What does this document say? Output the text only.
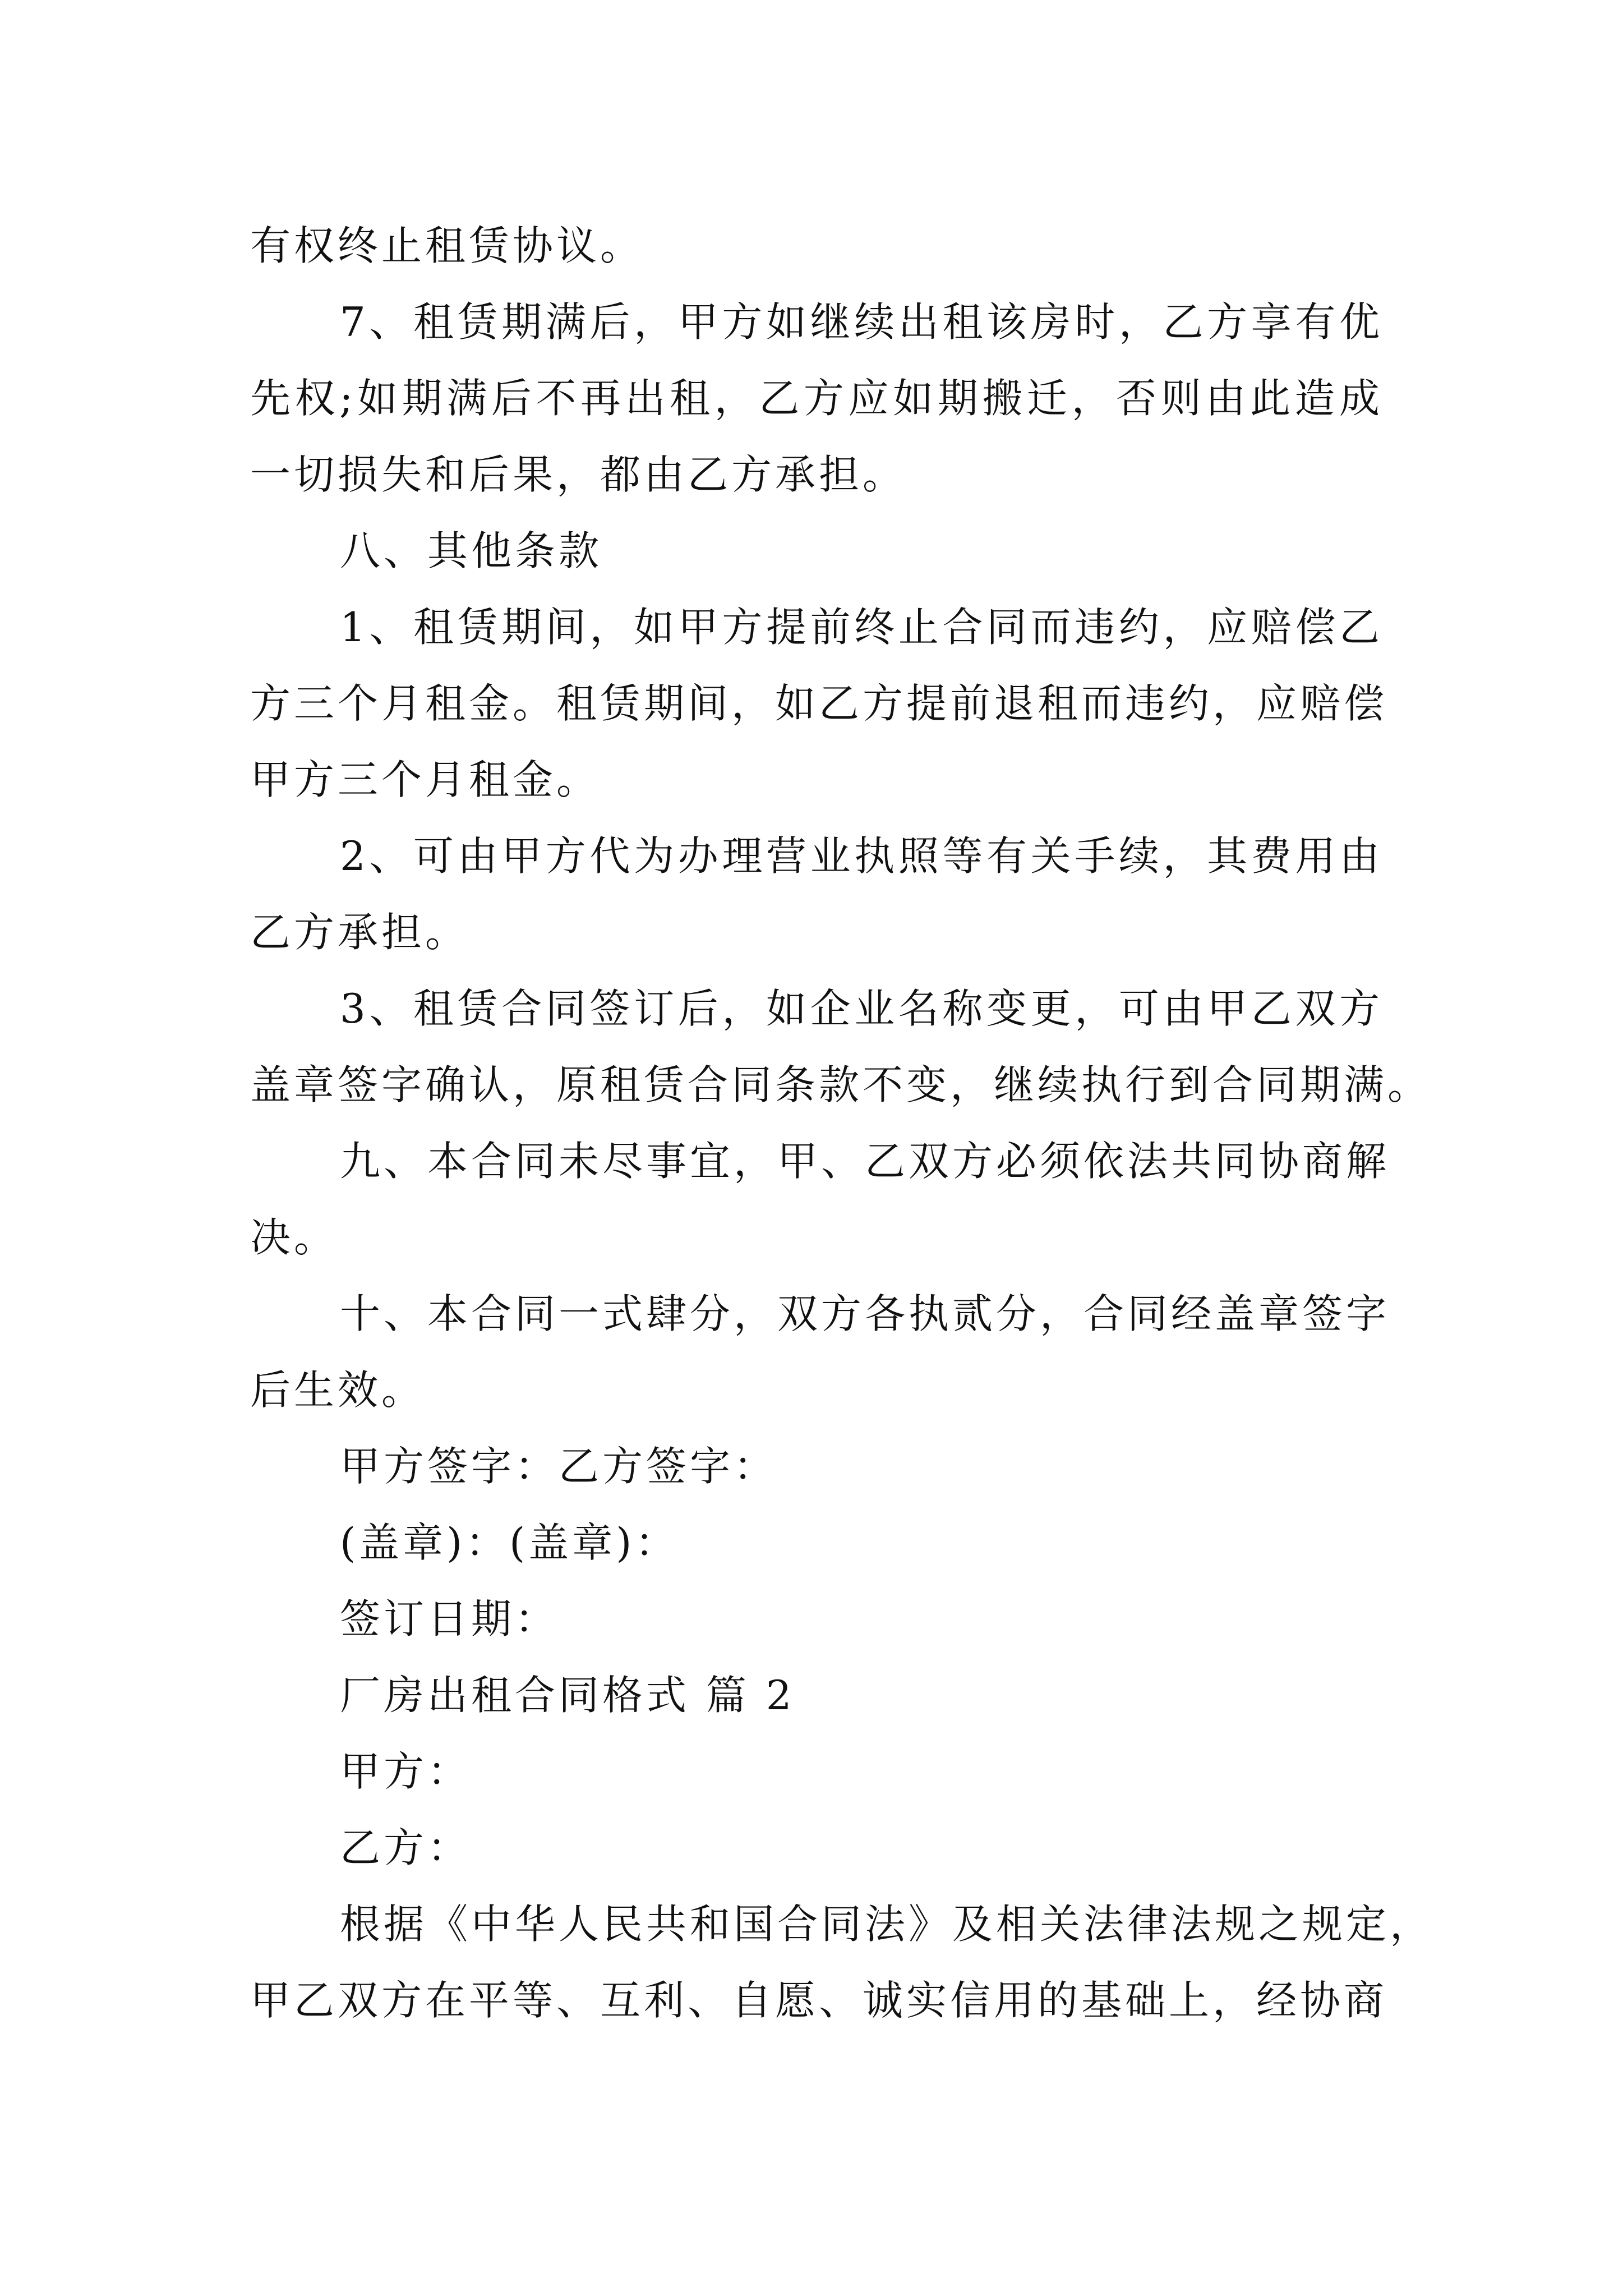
有权终止租赁协议。
7、租赁期满后，甲方如继续出租该房时，乙方享有优
先权;如期满后不再出租，乙方应如期搬迁，否则由此造成
一切损失和后果，都由乙方承担。
八、其他条款
1、租赁期间，如甲方提前终止合同而违约，应赔偿乙
方三个月租金。租赁期间，如乙方提前退租而违约，应赔偿
甲方三个月租金。
2、可由甲方代为办理营业执照等有关手续，其费用由
乙方承担。
3、租赁合同签订后，如企业名称变更，可由甲乙双方
盖章签字确认，原租赁合同条款不变，继续执行到合同期满。
九、本合同未尽事宜，甲、乙双方必须依法共同协商解
决。
十、本合同一式肆分，双方各执贰分，合同经盖章签字
后生效。
甲方签字：乙方签字：
(盖章)：(盖章)：
签订日期：
厂房出租合同格式 篇 2
甲方：
乙方：
根据《中华人民共和国合同法》及相关法律法规之规定，
甲乙双方在平等、互利、自愿、诚实信用的基础上，经协商
